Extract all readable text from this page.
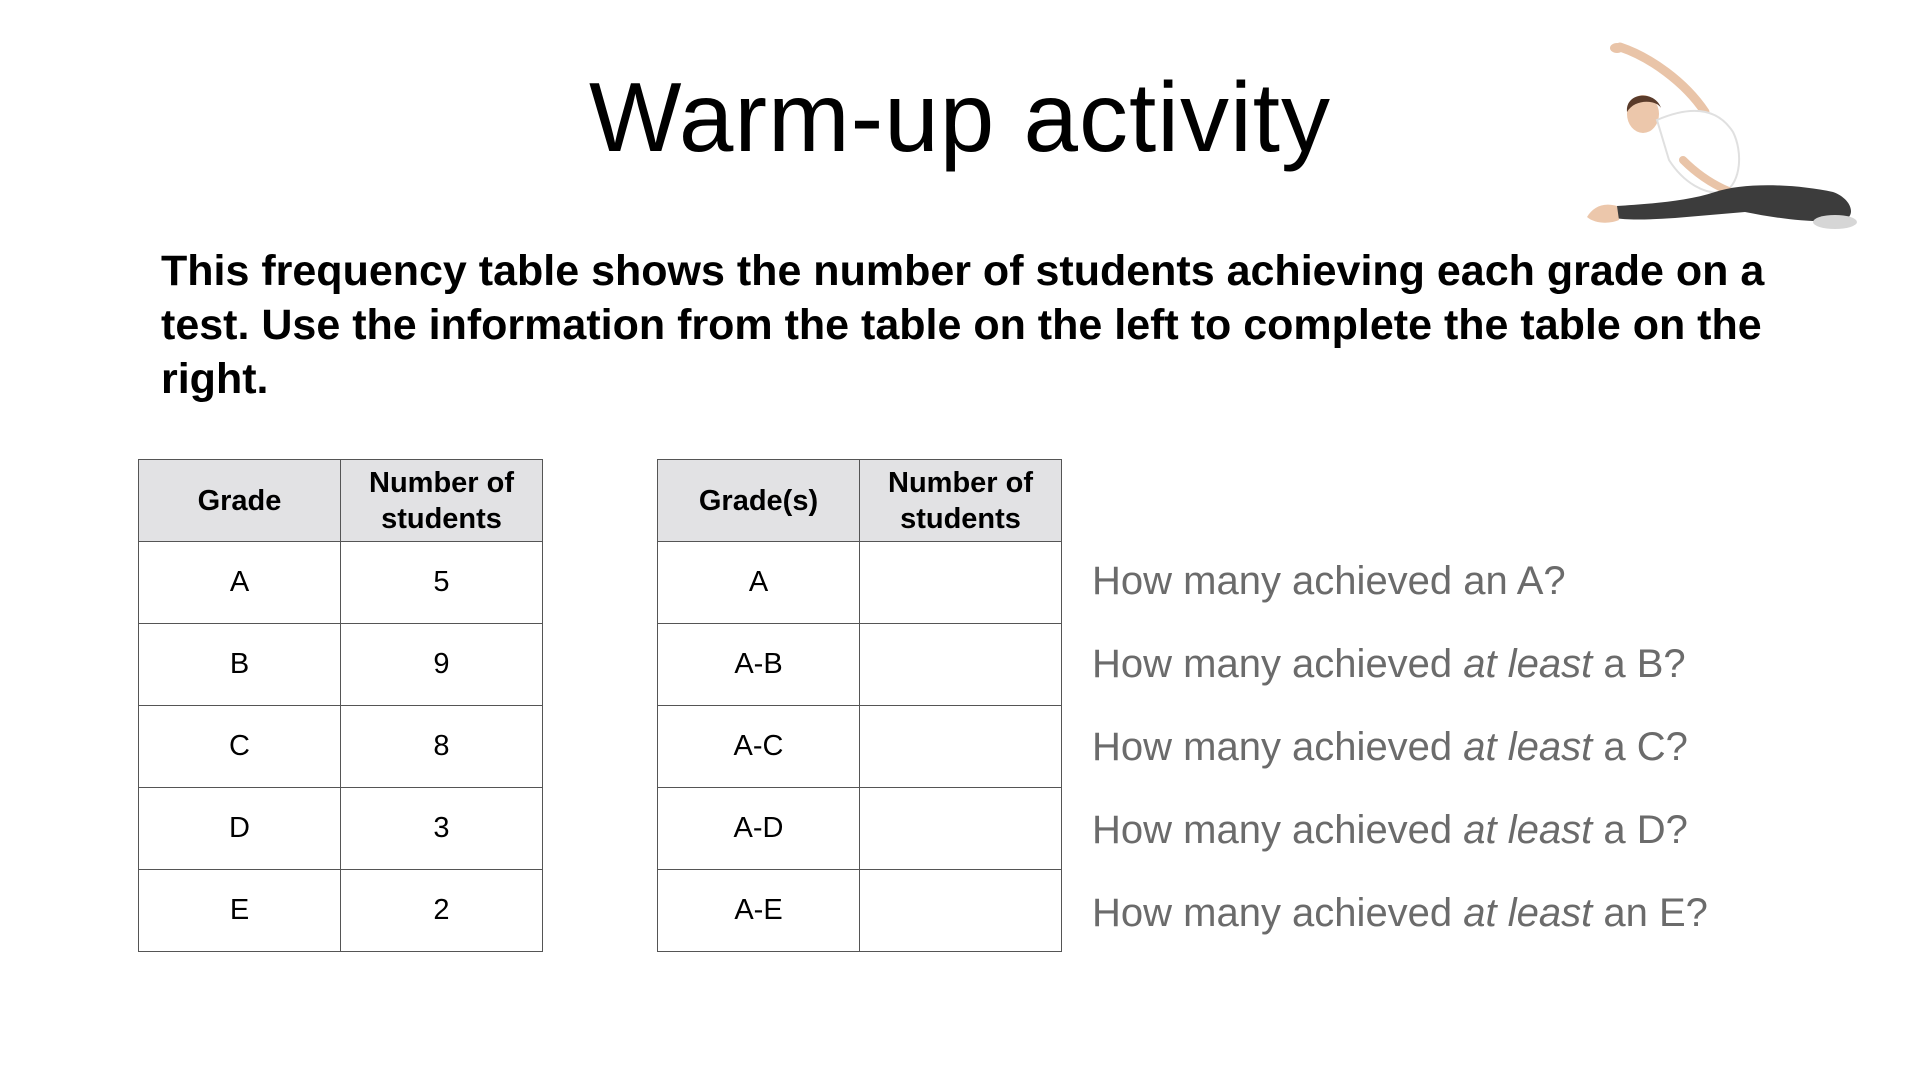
Warm-up activity

This frequency table shows the number of students achieving each grade on a test. Use the information from the table on the left to complete the table on the right.

Grade	Number of students
A	5
B	9
C	8
D	3
E	2
Grade(s)	Number of students
A	
A-B	
A-C	
A-D	
A-E	
How many achieved an A?
How many achieved at least a B?
How many achieved at least a C?
How many achieved at least a D?
How many achieved at least an E?
